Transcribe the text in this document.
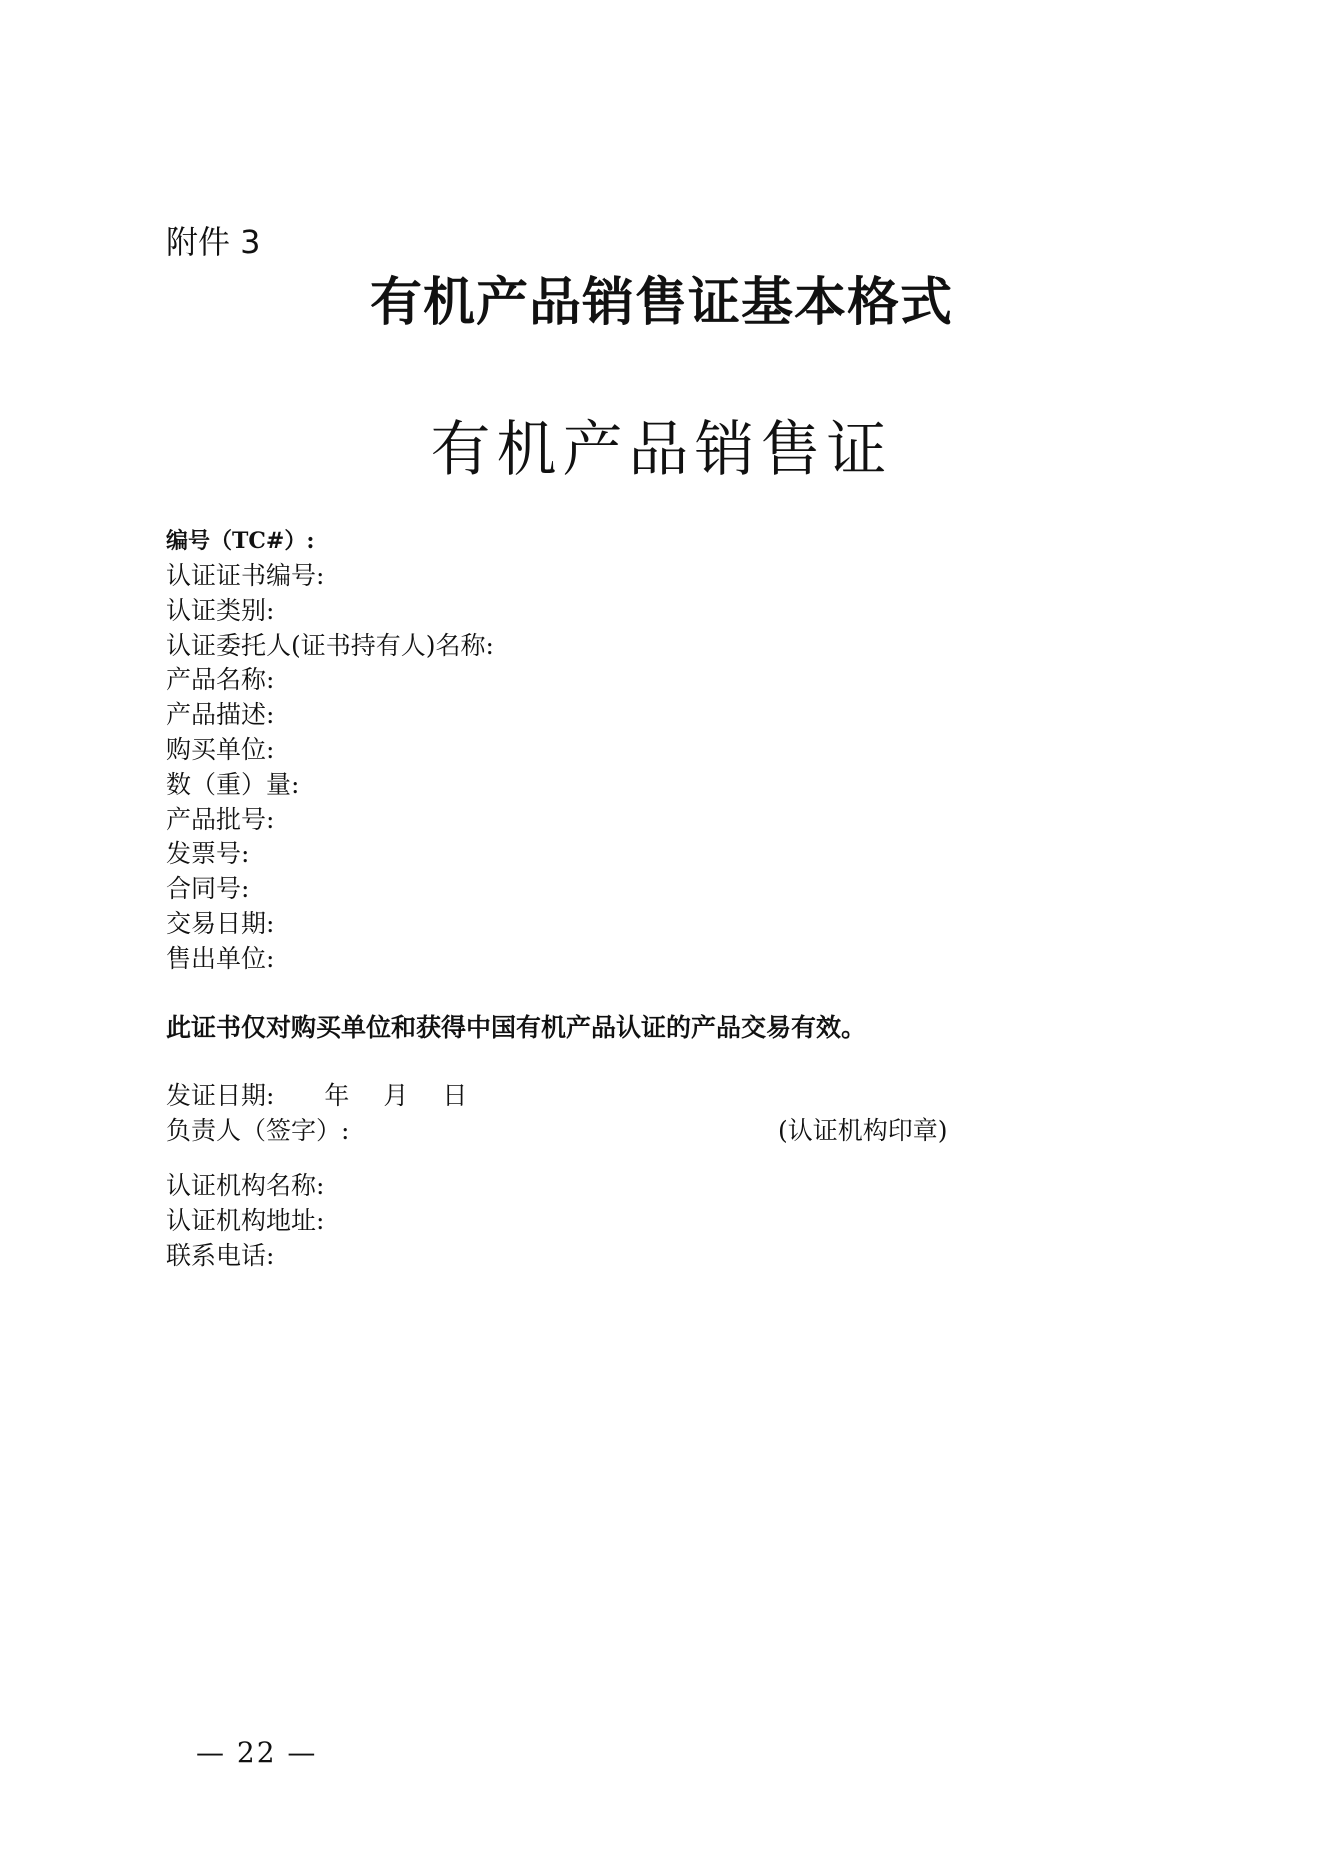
附件 3
有机产品销售证基本格式
有机产品销售证
编号（TC#）:
认证证书编号:
认证类别:
认证委托人(证书持有人)名称:
产品名称:
产品描述:
购买单位:
数（重）量:
产品批号:
发票号:
合同号:
交易日期:
售出单位:
此证书仅对购买单位和获得中国有机产品认证的产品交易有效。
发证日期: 年 月 日
负责人（签字）:	(认证机构印章)
认证机构名称:
认证机构地址:
联系电话:
— 22 —
